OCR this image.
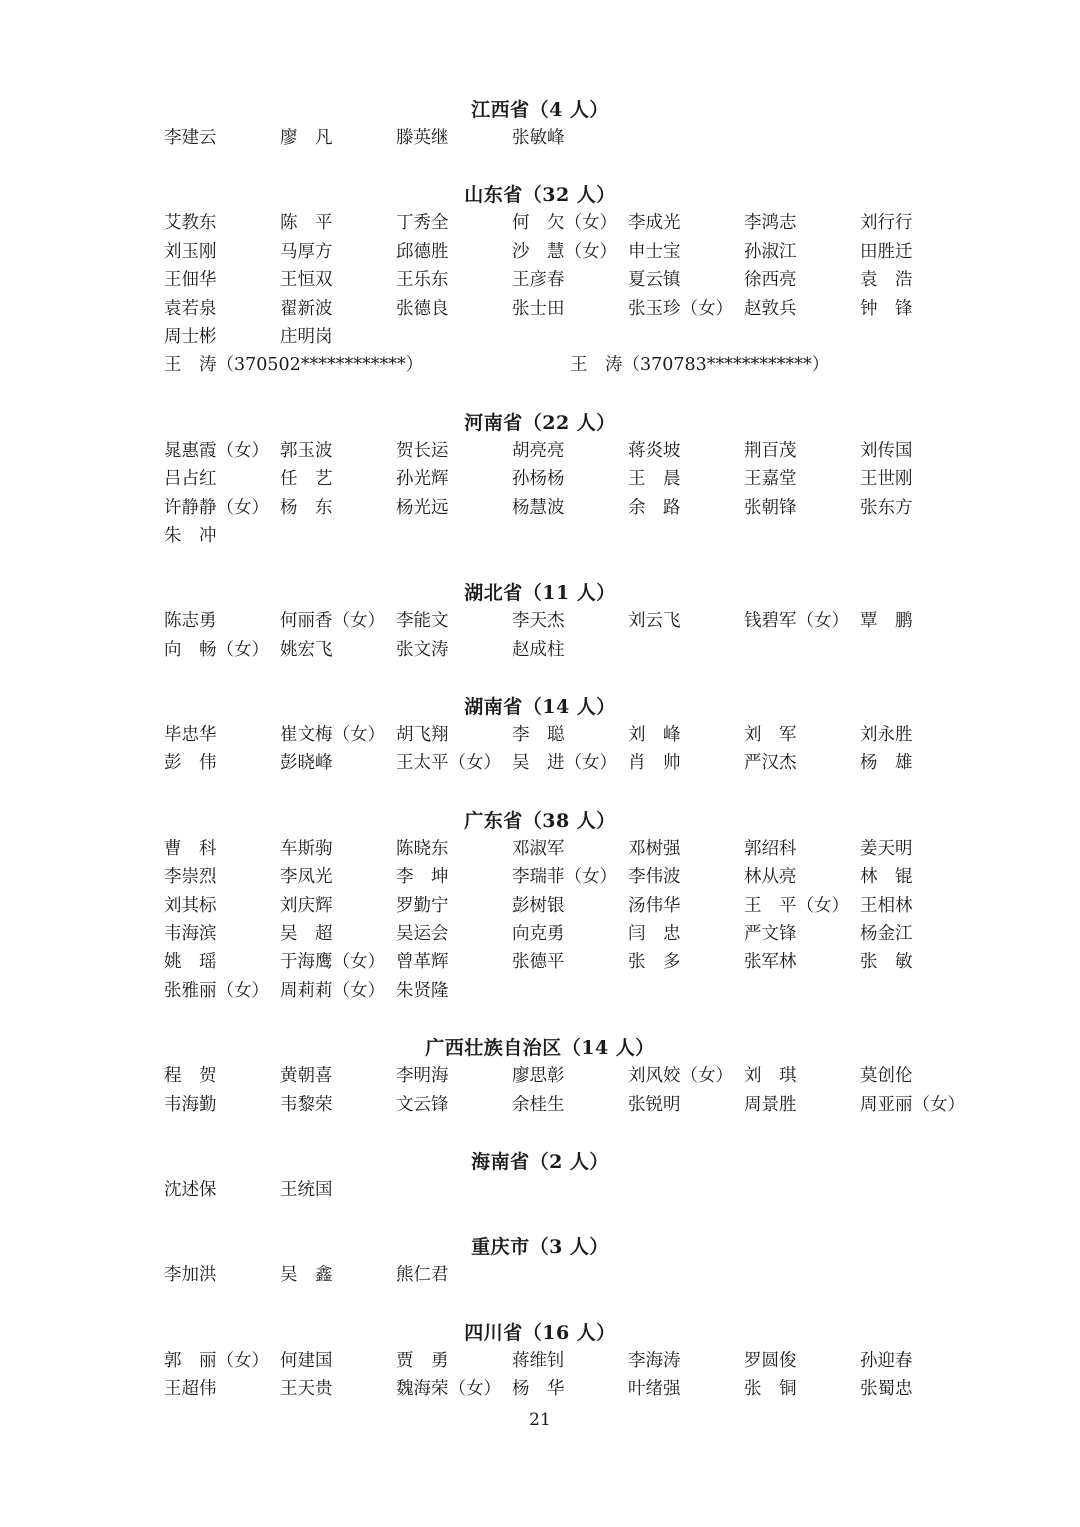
江西省（4 人）
李建云	廖　凡	滕英继	张敏峰
山东省（32 人）
艾教东	陈　平	丁秀全	何　欠（女） 李成光	李鸿志	刘行行
刘玉刚	马厚方	邱德胜	沙　慧（女） 申士宝	孙淑江	田胜迁
王佃华	王恒双	王乐东	王彦春	夏云镇	徐西亮	袁　浩
袁若泉	翟新波	张德良	张士田	张玉珍（女） 赵敦兵	钟　锋
周士彬	庄明岗
王　涛（370502************）	王　涛（370783************）
河南省（22 人）
晁惠霞（女） 郭玉波	贺长运	胡亮亮	蒋炎坡	荆百茂	刘传国
吕占红	任　艺	孙光辉	孙杨杨	王　晨	王嘉堂	王世刚
许静静（女） 杨　东	杨光远	杨慧波	余　路	张朝锋	张东方
朱　冲
湖北省（11 人）
陈志勇	何丽香（女） 李能文	李天杰	刘云飞	钱碧军（女） 覃　鹏
向　畅（女） 姚宏飞	张文涛	赵成柱
湖南省（14 人）
毕忠华	崔文梅（女） 胡飞翔	李　聪	刘　峰	刘　军	刘永胜
彭　伟	彭晓峰	王太平（女） 吴　进（女） 肖　帅	严汉杰	杨　雄
广东省（38 人）
曹　科	车斯驹	陈晓东	邓淑军	邓树强	郭绍科	姜天明
李崇烈	李凤光	李　坤	李瑞菲（女） 李伟波	林从亮	林　锟
刘其标	刘庆辉	罗勤宁	彭树银	汤伟华	王　平（女） 王相林
韦海滨	吴　超	吴运会	向克勇	闫　忠	严文锋	杨金江
姚　瑶	于海鹰（女） 曾革辉	张德平	张　多	张军林	张　敏
张雅丽（女） 周莉莉（女） 朱贤隆
广西壮族自治区（14 人）
程　贺	黄朝喜	李明海	廖思彰	刘风姣（女） 刘　琪	莫创伦
韦海勤	韦黎荣	文云锋	余桂生	张锐明	周景胜	周亚丽（女）
海南省（2 人）
沈述保	王统国
重庆市（3 人）
李加洪	吴　鑫	熊仁君
四川省（16 人）
郭　丽（女） 何建国	贾　勇	蒋维钊	李海涛	罗圆俊	孙迎春
王超伟	王天贵	魏海荣（女） 杨　华	叶绪强	张　铜	张蜀忠
21
